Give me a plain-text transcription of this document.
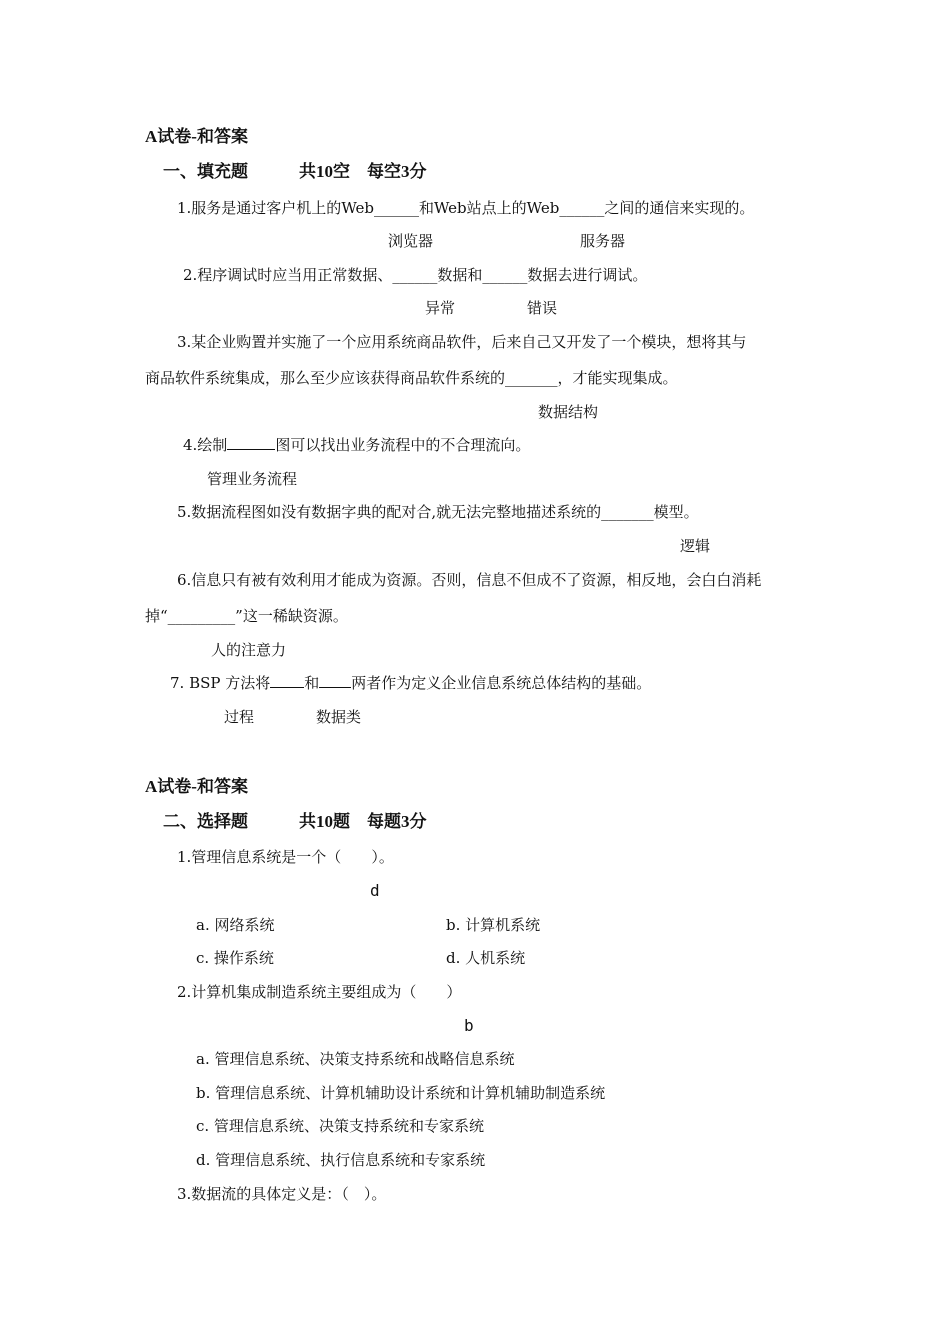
A试卷-和答案
一、填充题　　　共10空　每空3分
1.服务是通过客户机上的Web______和Web站点上的Web______之间的通信来实现的。
浏览器	服务器
2.程序调试时应当用正常数据、______数据和______数据去进行调试。
异常	错误
3.某企业购置并实施了一个应用系统商品软件，后来自己又开发了一个模块，想将其与
商品软件系统集成，那么至少应该获得商品软件系统的_______，才能实现集成。
数据结构
4.绘制	图可以找出业务流程中的不合理流向。
管理业务流程
5.数据流程图如没有数据字典的配对合,就无法完整地描述系统的_______模型。
逻辑
6.信息只有被有效利用才能成为资源。否则，信息不但成不了资源，相反地，会白白消耗
掉“_________”这一稀缺资源。
人的注意力
7. BSP 方法将 和 两者作为定义企业信息系统总体结构的基础。
过程	数据类
A试卷-和答案
二、选择题　　　共10题　每题3分
1.管理信息系统是一个（　　）。
d
a. 网络系统	b. 计算机系统
c. 操作系统	d. 人机系统
2.计算机集成制造系统主要组成为（　　）
b
a. 管理信息系统、决策支持系统和战略信息系统
b. 管理信息系统、计算机辅助设计系统和计算机辅助制造系统
c. 管理信息系统、决策支持系统和专家系统
d. 管理信息系统、执行信息系统和专家系统
3.数据流的具体定义是：（　）。
